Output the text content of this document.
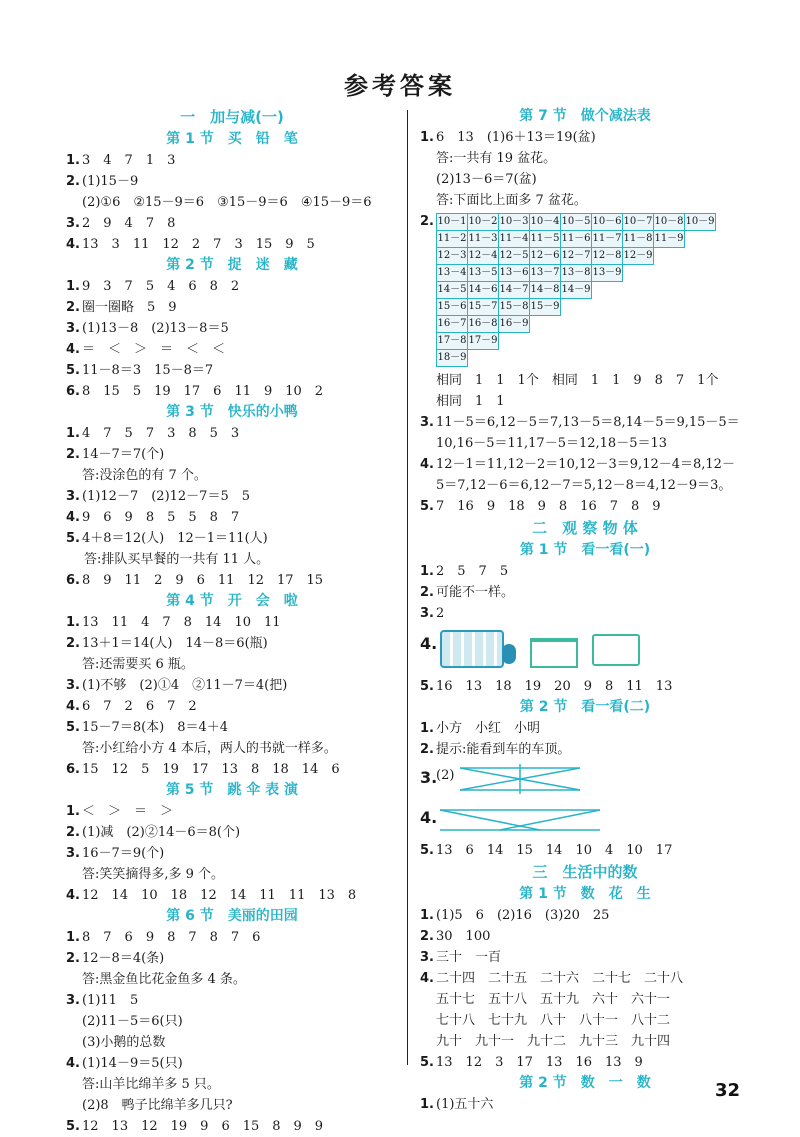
参考答案
一　加与减(一)
第 1 节　买　铅　笔
1. 3　4　7　1　3
2. (1)15－9
(2)①6　②15－9＝6　③15－9＝6　④15－9＝6
3. 2　9　4　7　8
4. 13　3　11　12　2　7　3　15　9　5
第 2 节　捉　迷　藏
1. 9　3　7　5　4　6　8　2
2. 圈一圈略　5　9
3. (1)13－8　(2)13－8＝5
4. ＝　＜　＞　＝　＜　＜
5. 11－8＝3　15－8＝7
6. 8　15　5　19　17　6　11　9　10　2
第 3 节　快乐的小鸭
1. 4　7　5　7　3　8　5　3
2. 14－7＝7(个)
答:没涂色的有 7 个。
3. (1)12－7　(2)12－7＝5　5
4. 9　6　9　8　5　5　8　7
5. 4＋8＝12(人)　12－1＝11(人)
答:排队买早餐的一共有 11 人。
6. 8　9　11　2　9　6　11　12　17　15
第 4 节　开　会　啦
1. 13　11　4　7　8　14　10　11
2. 13＋1＝14(人)　14－8＝6(瓶)
答:还需要买 6 瓶。
3. (1)不够　(2)①4　②11－7＝4(把)
4. 6　7　2　6　7　2
5. 15－7＝8(本)　8＝4＋4
答:小红给小方 4 本后，两人的书就一样多。
6. 15　12　5　19　17　13　8　18　14　6
第 5 节　跳 伞 表 演
1. ＜　＞　＝　＞
2. (1)减　(2)②14－6＝8(个)
3. 16－7＝9(个)
答:笑笑摘得多,多 9 个。
4. 12　14　10　18　12　14　11　11　13　8
第 6 节　美丽的田园
1. 8　7　6　9　8　7　8　7　6
2. 12－8＝4(条)
答:黑金鱼比花金鱼多 4 条。
3. (1)11　5
(2)11－5＝6(只)
(3)小鹅的总数
4. (1)14－9＝5(只)
答:山羊比绵羊多 5 只。
(2)8　鸭子比绵羊多几只?
5. 12　13　12　19　9　6　15　8　9　9
第 7 节　做个减法表
1. 6　13　(1)6＋13＝19(盆)
答:一共有 19 盆花。
(2)13－6＝7(盆)
答:下面比上面多 7 盆花。
2. 10－1 10－2 10－3 10－4 10－5 10－6 10－7 10－8 10－9
11－2 11－3 11－4 11－5 11－6 11－7 11－8 11－9
12－3 12－4 12－5 12－6 12－7 12－8 12－9
13－4 13－5 13－6 13－7 13－8 13－9
14－5 14－6 14－7 14－8 14－9
15－6 15－7 15－8 15－9
16－7 16－8 16－9
17－8 17－9
18－9
相同　1　1　1个　相同　1　1　9　8　7　1个
相同　1　1
3. 11－5＝6,12－5＝7,13－5＝8,14－5＝9,15－5＝
10,16－5＝11,17－5＝12,18－5＝13
4. 12－1＝11,12－2＝10,12－3＝9,12－4＝8,12－
5＝7,12－6＝6,12－7＝5,12－8＝4,12－9＝3。
5. 7　16　9　18　9　8　16　7　8　9
二　观 察 物 体
第 1 节　看一看(一)
1. 2　5　7　5
2. 可能不一样。
3. 2
4.
5. 16　13　18　19　20　9　8　11　13
第 2 节　看一看(二)
1. 小方　小红　小明
2. 提示:能看到车的车顶。
3.
(2)
4.
5. 13　6　14　15　14　10　4　10　17
三　生活中的数
第 1 节　数　花　生
1. (1)5　6　(2)16　(3)20　25
2. 30　100
3. 三十　一百
4. 二十四　二十五　二十六　二十七　二十八
五十七　五十八　五十九　六十　六十一
七十八　七十九　八十　八十一　八十二
九十　九十一　九十二　九十三　九十四
5. 13　12　3　17　13　16　13　9
第 2 节　数　一　数
1. (1)五十六
32
